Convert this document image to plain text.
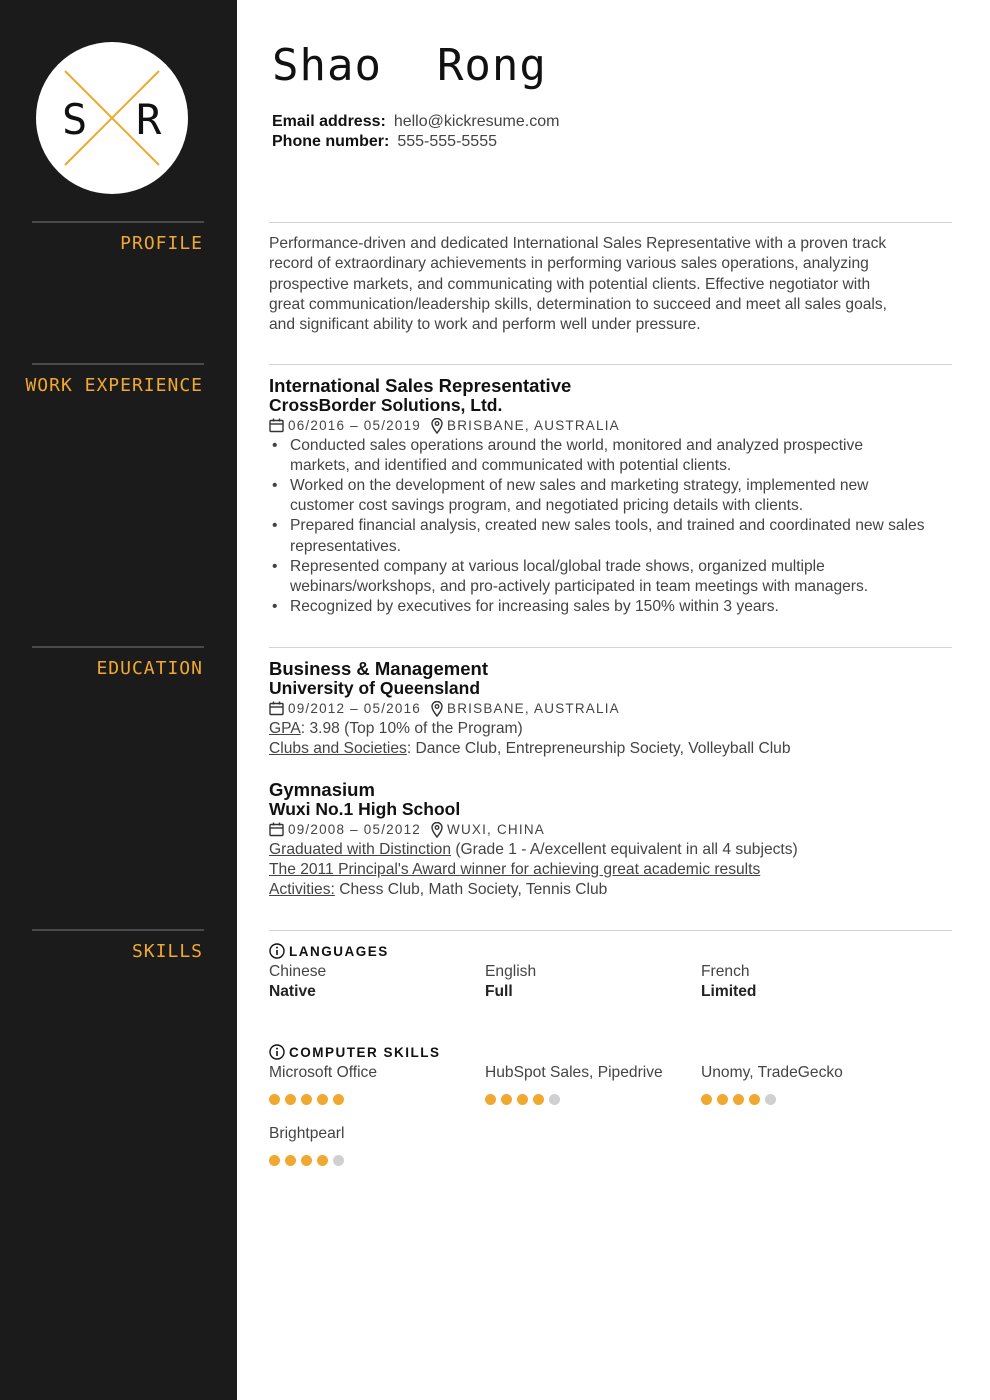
S R
PROFILE
WORK EXPERIENCE
EDUCATION
SKILLS
Shao  Rong
Email address: hello@kickresume.com
Phone number: 555-555-5555

Performance-driven and dedicated International Sales Representative with a proven track record of extraordinary achievements in performing various sales operations, analyzing prospective markets, and communicating with potential clients. Effective negotiator with great communication/leadership skills, determination to succeed and meet all sales goals, and significant ability to work and perform well under pressure.

International Sales Representative
CrossBorder Solutions, Ltd.
06/2016 – 05/2019 BRISBANE, AUSTRALIA
• Conducted sales operations around the world, monitored and analyzed prospective markets, and identified and communicated with potential clients.
• Worked on the development of new sales and marketing strategy, implemented new customer cost savings program, and negotiated pricing details with clients.
• Prepared financial analysis, created new sales tools, and trained and coordinated new sales representatives.
• Represented company at various local/global trade shows, organized multiple webinars/workshops, and pro-actively participated in team meetings with managers.
• Recognized by executives for increasing sales by 150% within 3 years.
Business & Management
University of Queensland
09/2012 – 05/2016 BRISBANE, AUSTRALIA
GPA: 3.98 (Top 10% of the Program)
Clubs and Societies: Dance Club, Entrepreneurship Society, Volleyball Club
Gymnasium
Wuxi No.1 High School
09/2008 – 05/2012 WUXI, CHINA
Graduated with Distinction (Grade 1 - A/excellent equivalent in all 4 subjects)
The 2011 Principal's Award winner for achieving great academic results
Activities: Chess Club, Math Society, Tennis Club
LANGUAGES
Chinese
Native
English
Full
French
Limited
COMPUTER SKILLS
Microsoft Office	HubSpot Sales, Pipedrive	Unomy, TradeGecko
Brightpearl
